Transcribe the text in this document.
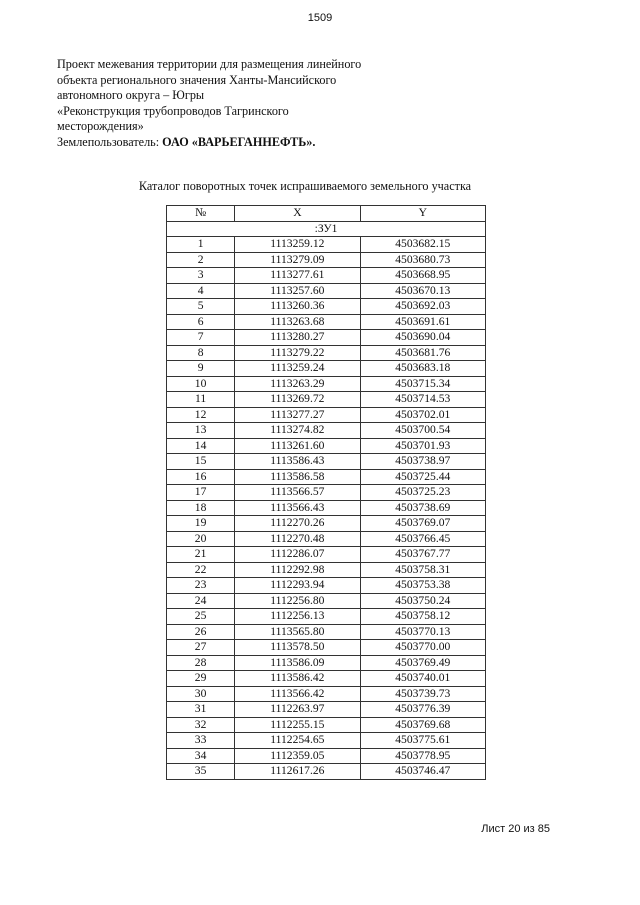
1509
Проект межевания территории для размещения линейного
объекта регионального значения Ханты-Мансийского
автономного округа – Югры
«Реконструкция трубопроводов Тагринского
месторождения»
Землепользователь: ОАО «ВАРЬЕГАННЕФТЬ».
Каталог поворотных точек испрашиваемого земельного участка
№	X	Y
:ЗУ1		
1	1113259.12	4503682.15
2	1113279.09	4503680.73
3	1113277.61	4503668.95
4	1113257.60	4503670.13
5	1113260.36	4503692.03
6	1113263.68	4503691.61
7	1113280.27	4503690.04
8	1113279.22	4503681.76
9	1113259.24	4503683.18
10	1113263.29	4503715.34
11	1113269.72	4503714.53
12	1113277.27	4503702.01
13	1113274.82	4503700.54
14	1113261.60	4503701.93
15	1113586.43	4503738.97
16	1113586.58	4503725.44
17	1113566.57	4503725.23
18	1113566.43	4503738.69
19	1112270.26	4503769.07
20	1112270.48	4503766.45
21	1112286.07	4503767.77
22	1112292.98	4503758.31
23	1112293.94	4503753.38
24	1112256.80	4503750.24
25	1112256.13	4503758.12
26	1113565.80	4503770.13
27	1113578.50	4503770.00
28	1113586.09	4503769.49
29	1113586.42	4503740.01
30	1113566.42	4503739.73
31	1112263.97	4503776.39
32	1112255.15	4503769.68
33	1112254.65	4503775.61
34	1112359.05	4503778.95
35	1112617.26	4503746.47
Лист 20 из 85
